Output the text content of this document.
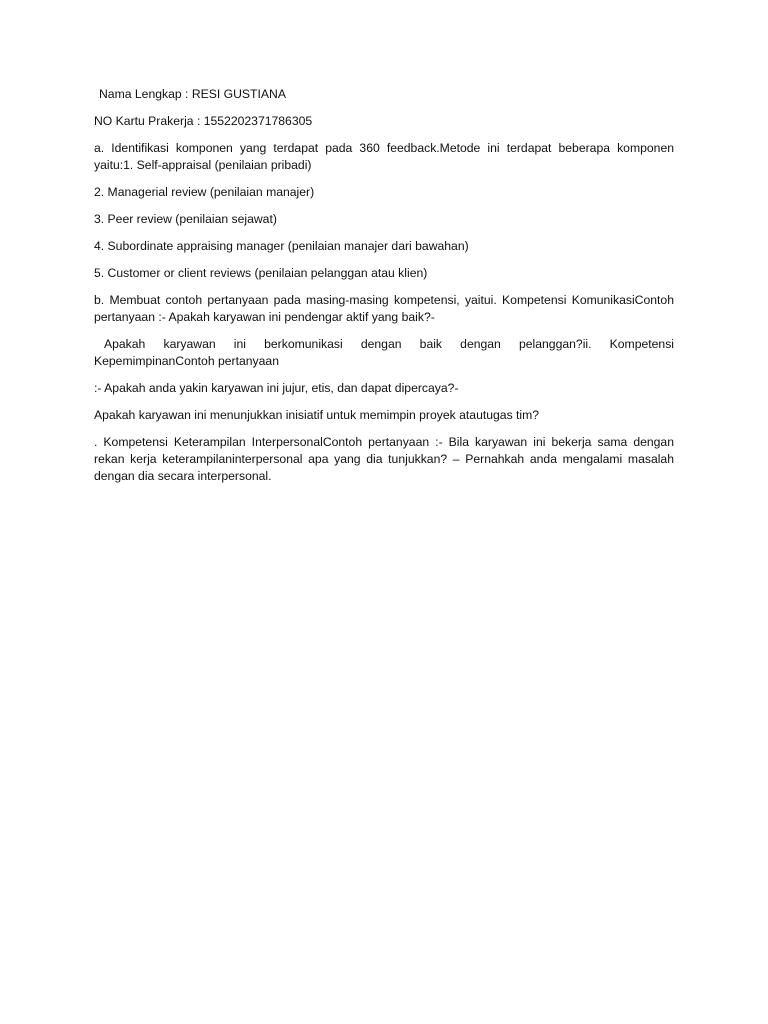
Nama Lengkap : RESI GUSTIANA

NO Kartu Prakerja : 1552202371786305

a. Identifikasi komponen yang terdapat pada 360 feedback.Metode ini terdapat beberapa komponen yaitu:1. Self-appraisal (penilaian pribadi)

2. Managerial review (penilaian manajer)

3. Peer review (penilaian sejawat)

4. Subordinate appraising manager (penilaian manajer dari bawahan)

5. Customer or client reviews (penilaian pelanggan atau klien)

b. Membuat contoh pertanyaan pada masing-masing kompetensi, yaitui. Kompetensi KomunikasiContoh pertanyaan :- Apakah karyawan ini pendengar aktif yang baik?-

Apakah karyawan ini berkomunikasi dengan baik dengan pelanggan?ii. Kompetensi KepemimpinanContoh pertanyaan

:- Apakah anda yakin karyawan ini jujur, etis, dan dapat dipercaya?-

Apakah karyawan ini menunjukkan inisiatif untuk memimpin proyek atautugas tim?

. Kompetensi Keterampilan InterpersonalContoh pertanyaan :- Bila karyawan ini bekerja sama dengan rekan kerja keterampilaninterpersonal apa yang dia tunjukkan? – Pernahkah anda mengalami masalah dengan dia secara interpersonal.
